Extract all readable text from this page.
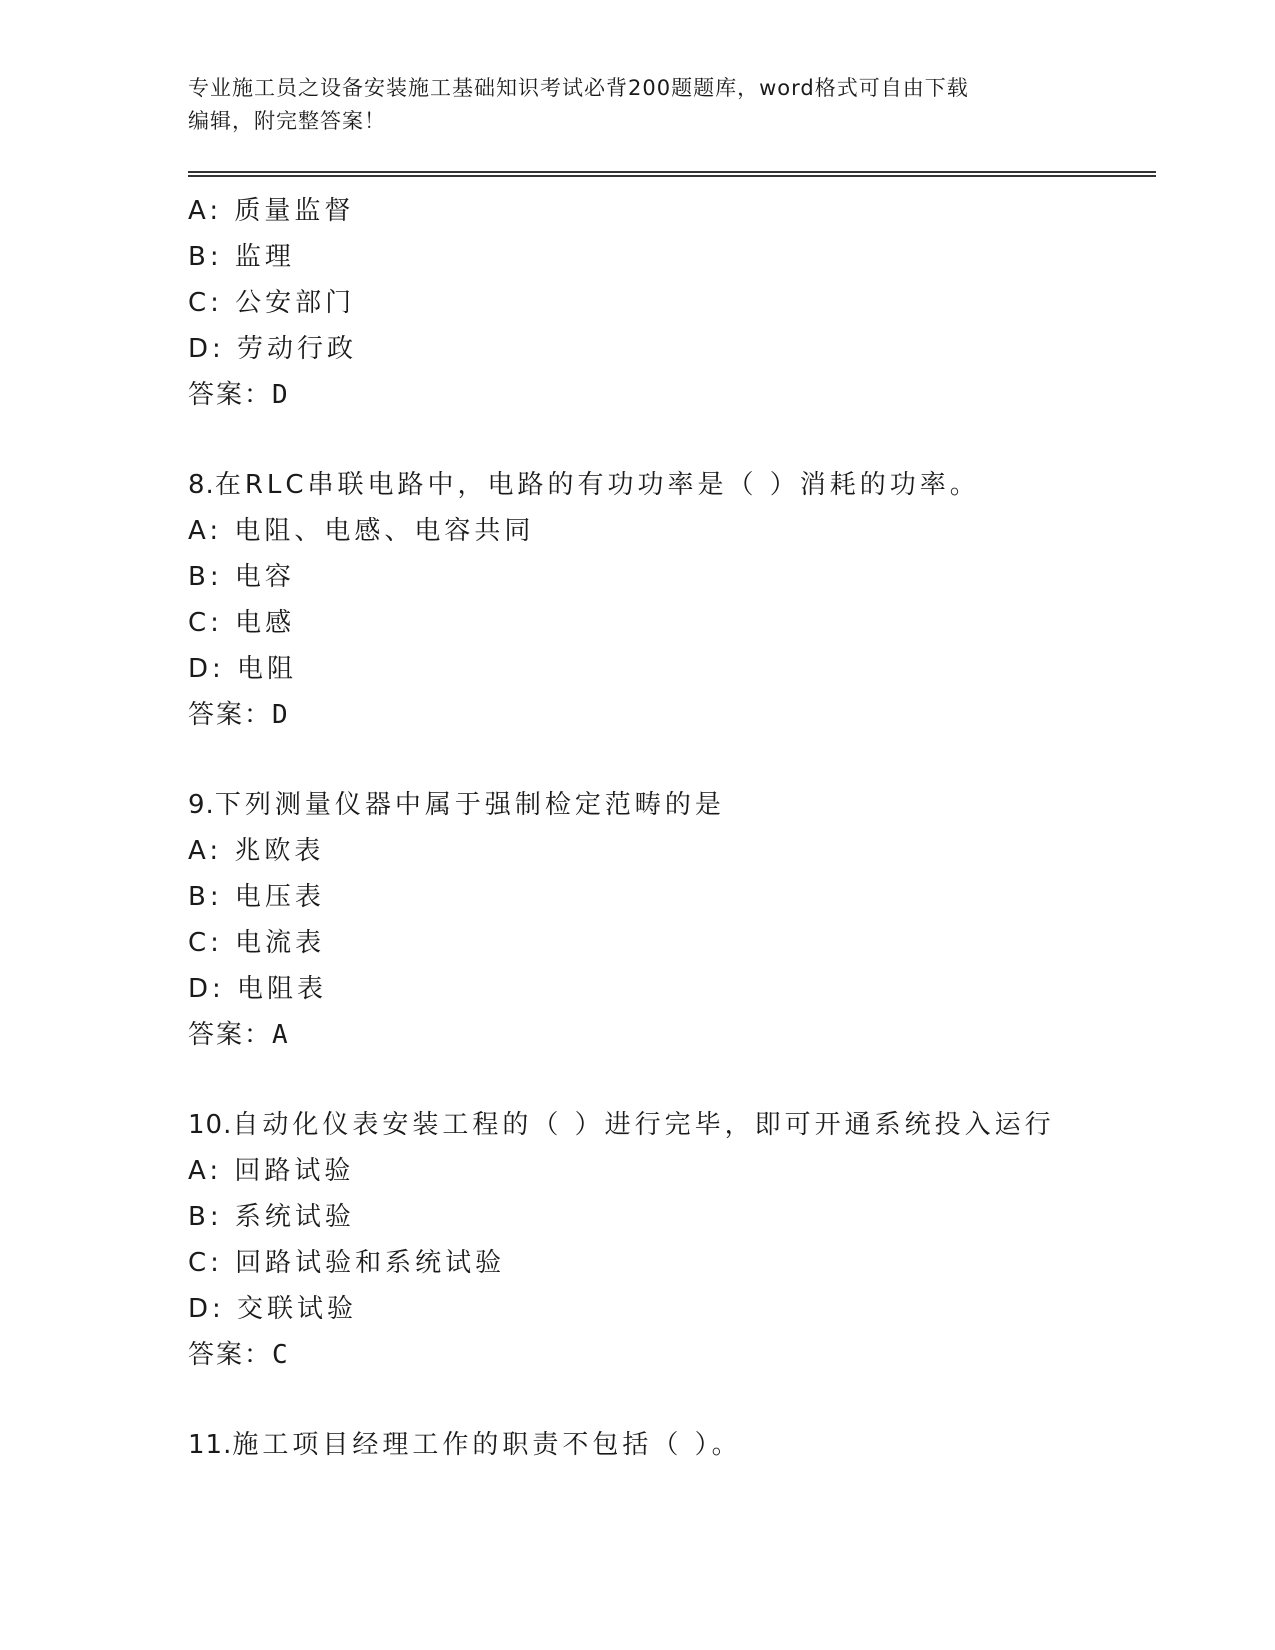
专业施工员之设备安装施工基础知识考试必背200题题库，word格式可自由下载
编辑，附完整答案！
A: 质量监督
B: 监理
C: 公安部门
D: 劳动行政
答案：D
8.在RLC串联电路中，电路的有功功率是（ ）消耗的功率。
A: 电阻、电感、电容共同
B: 电容
C: 电感
D: 电阻
答案：D
9.下列测量仪器中属于强制检定范畴的是
A: 兆欧表
B: 电压表
C: 电流表
D: 电阻表
答案：A
10.自动化仪表安装工程的（ ）进行完毕，即可开通系统投入运行
A: 回路试验
B: 系统试验
C: 回路试验和系统试验
D: 交联试验
答案：C
11.施工项目经理工作的职责不包括（ ）。
